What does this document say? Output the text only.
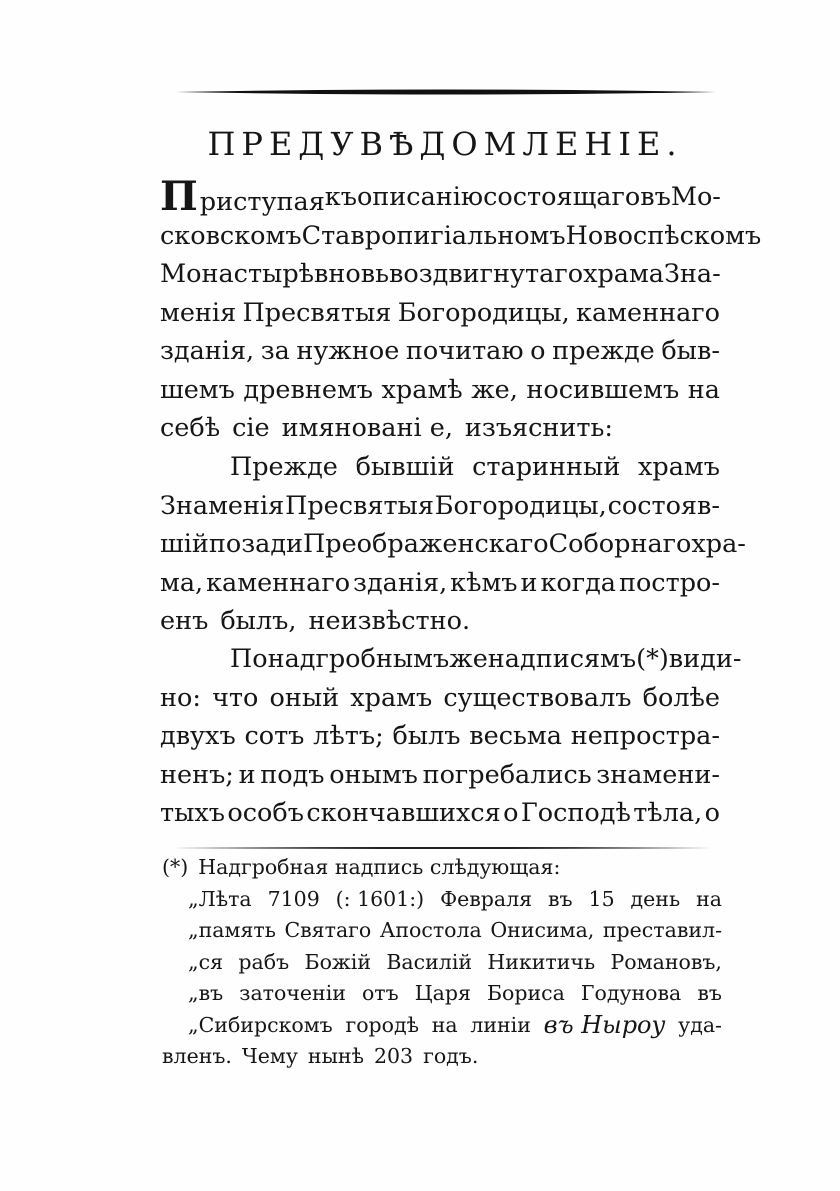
ПРЕДУВѢДОМЛЕНІЕ.
П риступая къ описанію состоящаго въ Мо-
сковскомъ Ставропигіальномъ Новоспѣскомъ
Монастырѣ вновь воздвигнутаго храма Зна-
менія Пресвятыя Богородицы, каменнаго
зданія, за нужное почитаю о прежде быв-
шемъ древнемъ храмѣ же, носившемъ на
себѣ сіе имяновані е, изъяснить:
Прежде бывшій старинный храмъ
Знаменія Пресвятыя Богородицы, состояв-
шій позади Преображенскаго Соборнаго хра-
ма, каменнаго зданія, кѣмъ и когда постро-
енъ былъ, неизвѣстно.
По надгробнымъ же надписямъ (*) види-
но: что оный храмъ существовалъ болѣе
двухъ сотъ лѣтъ; былъ весьма непростра-
ненъ; и подъ онымъ погребались знамени-
тыхъ особъ скончавшихся о Господѣ тѣла, о
(*) Надгробная надпись слѣдующая:
„Лѣта 7109 (: 1601:) Февраля въ 15 день на
„память Святаго Апостола Онисима, преставил-
„ся рабъ Божій Василій Никитичь Романовъ,
„въ заточеніи отъ Царя Бориса Годунова въ
„Сибирскомъ городѣ на линіи въ Ныроу уда-
вленъ. Чему нынѣ 203 годъ.
